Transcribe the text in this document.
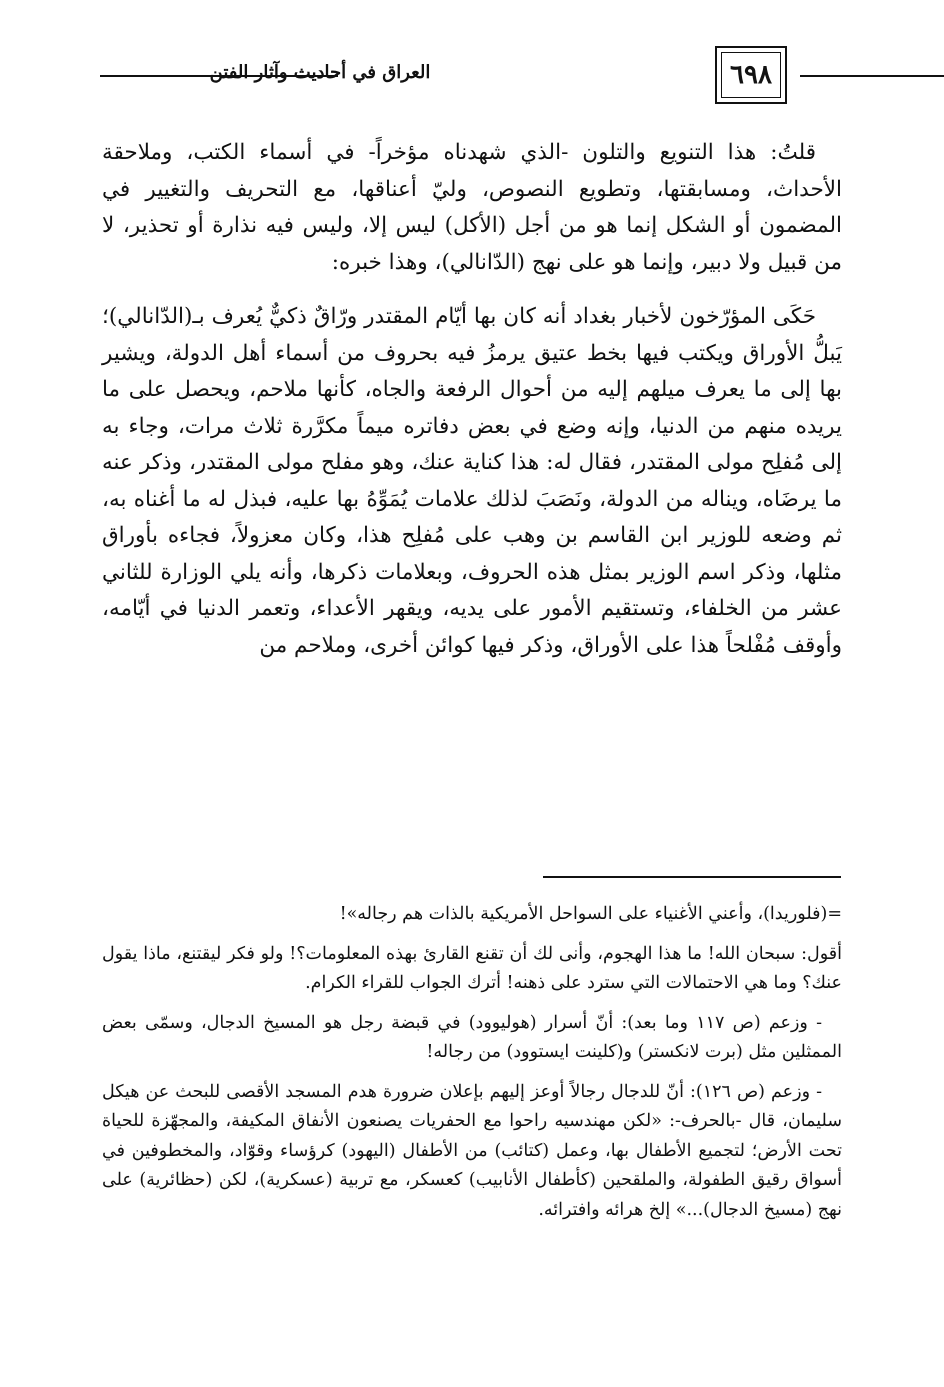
العراق في أحاديث وآثار الفتن	٦٩٨

قلتُ: هذا التنويع والتلون -الذي شهدناه مؤخراً- في أسماء الكتب، وملاحقة الأحداث، ومسابقتها، وتطويع النصوص، وليّ أعناقها، مع التحريف والتغيير في المضمون أو الشكل إنما هو من أجل (الأكل) ليس إلا، وليس فيه نذارة أو تحذير، لا من قبيل ولا دبير، وإنما هو على نهج (الدّانالي)، وهذا خبره:

حَكَى المؤرّخون لأخبار بغداد أنه كان بها أيّام المقتدر ورّاقٌ ذكيٌّ يُعرف بـ(الدّانالي)؛ يَبلُّ الأوراق ويكتب فيها بخط عتيق يرمزُ فيه بحروف من أسماء أهل الدولة، ويشير بها إلى ما يعرف ميلهم إليه من أحوال الرفعة والجاه، كأنها ملاحم، ويحصل على ما يريده منهم من الدنيا، وإنه وضع في بعض دفاتره ميماً مكرَّرة ثلاث مرات، وجاء به إلى مُفلِح مولى المقتدر، فقال له: هذا كناية عنك، وهو مفلح مولى المقتدر، وذكر عنه ما يرضَاه، ويناله من الدولة، ونَصَبَ لذلك علامات يُمَوِّهُ بها عليه، فبذل له ما أغناه به، ثم وضعه للوزير ابن القاسم بن وهب على مُفلِح هذا، وكان معزولاً، فجاءه بأوراق مثلها، وذكر اسم الوزير بمثل هذه الحروف، وبعلامات ذكرها، وأنه يلي الوزارة للثاني عشر من الخلفاء، وتستقيم الأمور على يديه، ويقهر الأعداء، وتعمر الدنيا في أيّامه، وأوقف مُفْلحاً هذا على الأوراق، وذكر فيها كوائن أخرى، وملاحم من

=(فلوريدا)، وأعني الأغنياء على السواحل الأمريكية بالذات هم رجاله»!

أقول: سبحان الله! ما هذا الهجوم، وأنى لك أن تقنع القارئ بهذه المعلومات؟! ولو فكر ليقتنع، ماذا يقول عنك؟ وما هي الاحتمالات التي سترد على ذهنه! أترك الجواب للقراء الكرام.

- وزعم (ص ١١٧ وما بعد): أنّ أسرار (هوليوود) في قبضة رجل هو المسيخ الدجال، وسمّى بعض الممثلين مثل (برت لانكستر) و(كلينت ايستوود) من رجاله!

- وزعم (ص ١٢٦): أنّ للدجال رجالاً أوعز إليهم بإعلان ضرورة هدم المسجد الأقصى للبحث عن هيكل سليمان، قال -بالحرف-: «لكن مهندسيه راحوا مع الحفريات يصنعون الأنفاق المكيفة، والمجهّزة للحياة تحت الأرض؛ لتجميع الأطفال بها، وعمل (كتائب) من الأطفال (اليهود) كرؤساء وقوّاد، والمخطوفين في أسواق رقيق الطفولة، والملقحين (كأطفال الأنابيب) كعسكر، مع تربية (عسكرية)، لكن (حظائرية) على نهج (مسيخ الدجال)...» إلخ هرائه وافترائه.
